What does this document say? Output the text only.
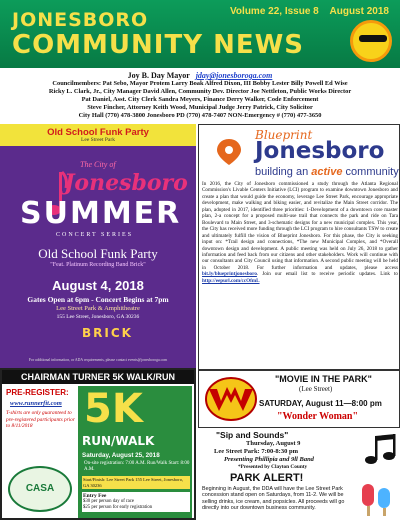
JONESBORO
COMMUNITY NEWS
Volume 22, Issue 8 August 2018
Joy B. Day Mayor jday@jonesboroga.com
Councilmembers: Pat Sebo, Mayor Protem Larry Boak Alfred Dixon, III Bobby Lester Billy Powell Ed Wise
Ricky L. Clark, Jr., City Manager David Allen, Community Dev. Director Joe Nettleton, Public Works Director
Pat Daniel, Asst. City Clerk Sandra Meyers, Finance Derry Walker, Code Enforcement
Steve Fincher, Attorney Keith Wood, Municipal Judge Jerry Patrick, City Solicitor
City Hall (770) 478-3800 Jonesboro PD (770) 478-7407 NON-Emergency # (770) 477-3650
Old School Funk Party
Lee Street Park
The City of
Jonesboro
SUMMER
CONCERT SERIES
Old School Funk Party
"Feat. Platinum Recording Band Brick"
August 4, 2018
Gates Open at 6pm - Concert Begins at 7pm
Lee Street Park & Amphitheatre
155 Lee Street, Jonesboro, GA 30236
BRICK
For additional information, or ADA requirements, please contact events@jonesboroga.com
CHAIRMAN TURNER 5K WALK/RUN
PRE-REGISTER:
www.runnerfit.com
T-shirts are only guaranteed to pre-registered participants prior to 8/11/2018
CASA
5K
RUN/WALK
Saturday, August 25, 2018
On-site registration: 7:00 A.M. Run/Walk Start: 8:00 A.M.
Start/Finish: Lee Street Park 155 Lee Street, Jonesboro, GA 30236
Entry Fee
$30 per person day of race
$25 per person for early registration
Blueprint
Jonesboro
building an active community
In 2016, the City of Jonesboro commissioned a study through the Atlanta Regional Commission's Livable Centers Initiative (LCI) program to examine downtown Jonesboro and create a plan that would guide the economy, leverage Lee Street Park, encourage appropriate development, make walking and biking easier, and revitalize the Main Street corridor. The plan, adopted in 2017, identified three priorities: 1-Development of a downtown core master plan, 2-a concept for a proposed multi-use trail that connects the park and ride on Tara Boulevard to Main Street, and 3-schematic designs for a new municipal complex. This year, the City has received more funding through the LCI program to hire consultants TSW to create and ultimately fulfill the vision of Blueprint Jonesboro. For this phase, the City is seeking input on: *Trail design and connections, *The new Municipal Complex, and *Overall downtown design and development. A public meeting was held on July 26, 2018 to gather information and feed back from our citizens and other stakeholders. Work will continue with our consultants and City Council using that information. A second public meeting will be held in October 2018. For further information and updates, please access bit.ly/blueprintjonesboro. Join our email list to receive periodic updates. Link to http://eepurl.com/ccOfmL
"MOVIE IN THE PARK"
(Lee Street)
SATURDAY, August 11—8:00 pm
"Wonder Woman"
"Sip and Sounds"
Thursday, August 9
Lee Street Park: 7:00-8:30 pm
Presenting Phillipia and 9ll Band
*Presented by Clayton County
PARK ALERT!
Beginning in August, the DDA will have the Lee Street Park concession stand open on Saturdays, from 11-2. We will be selling drinks, ice cream, and popsicles. All proceeds will go directly into our downtown business community.
